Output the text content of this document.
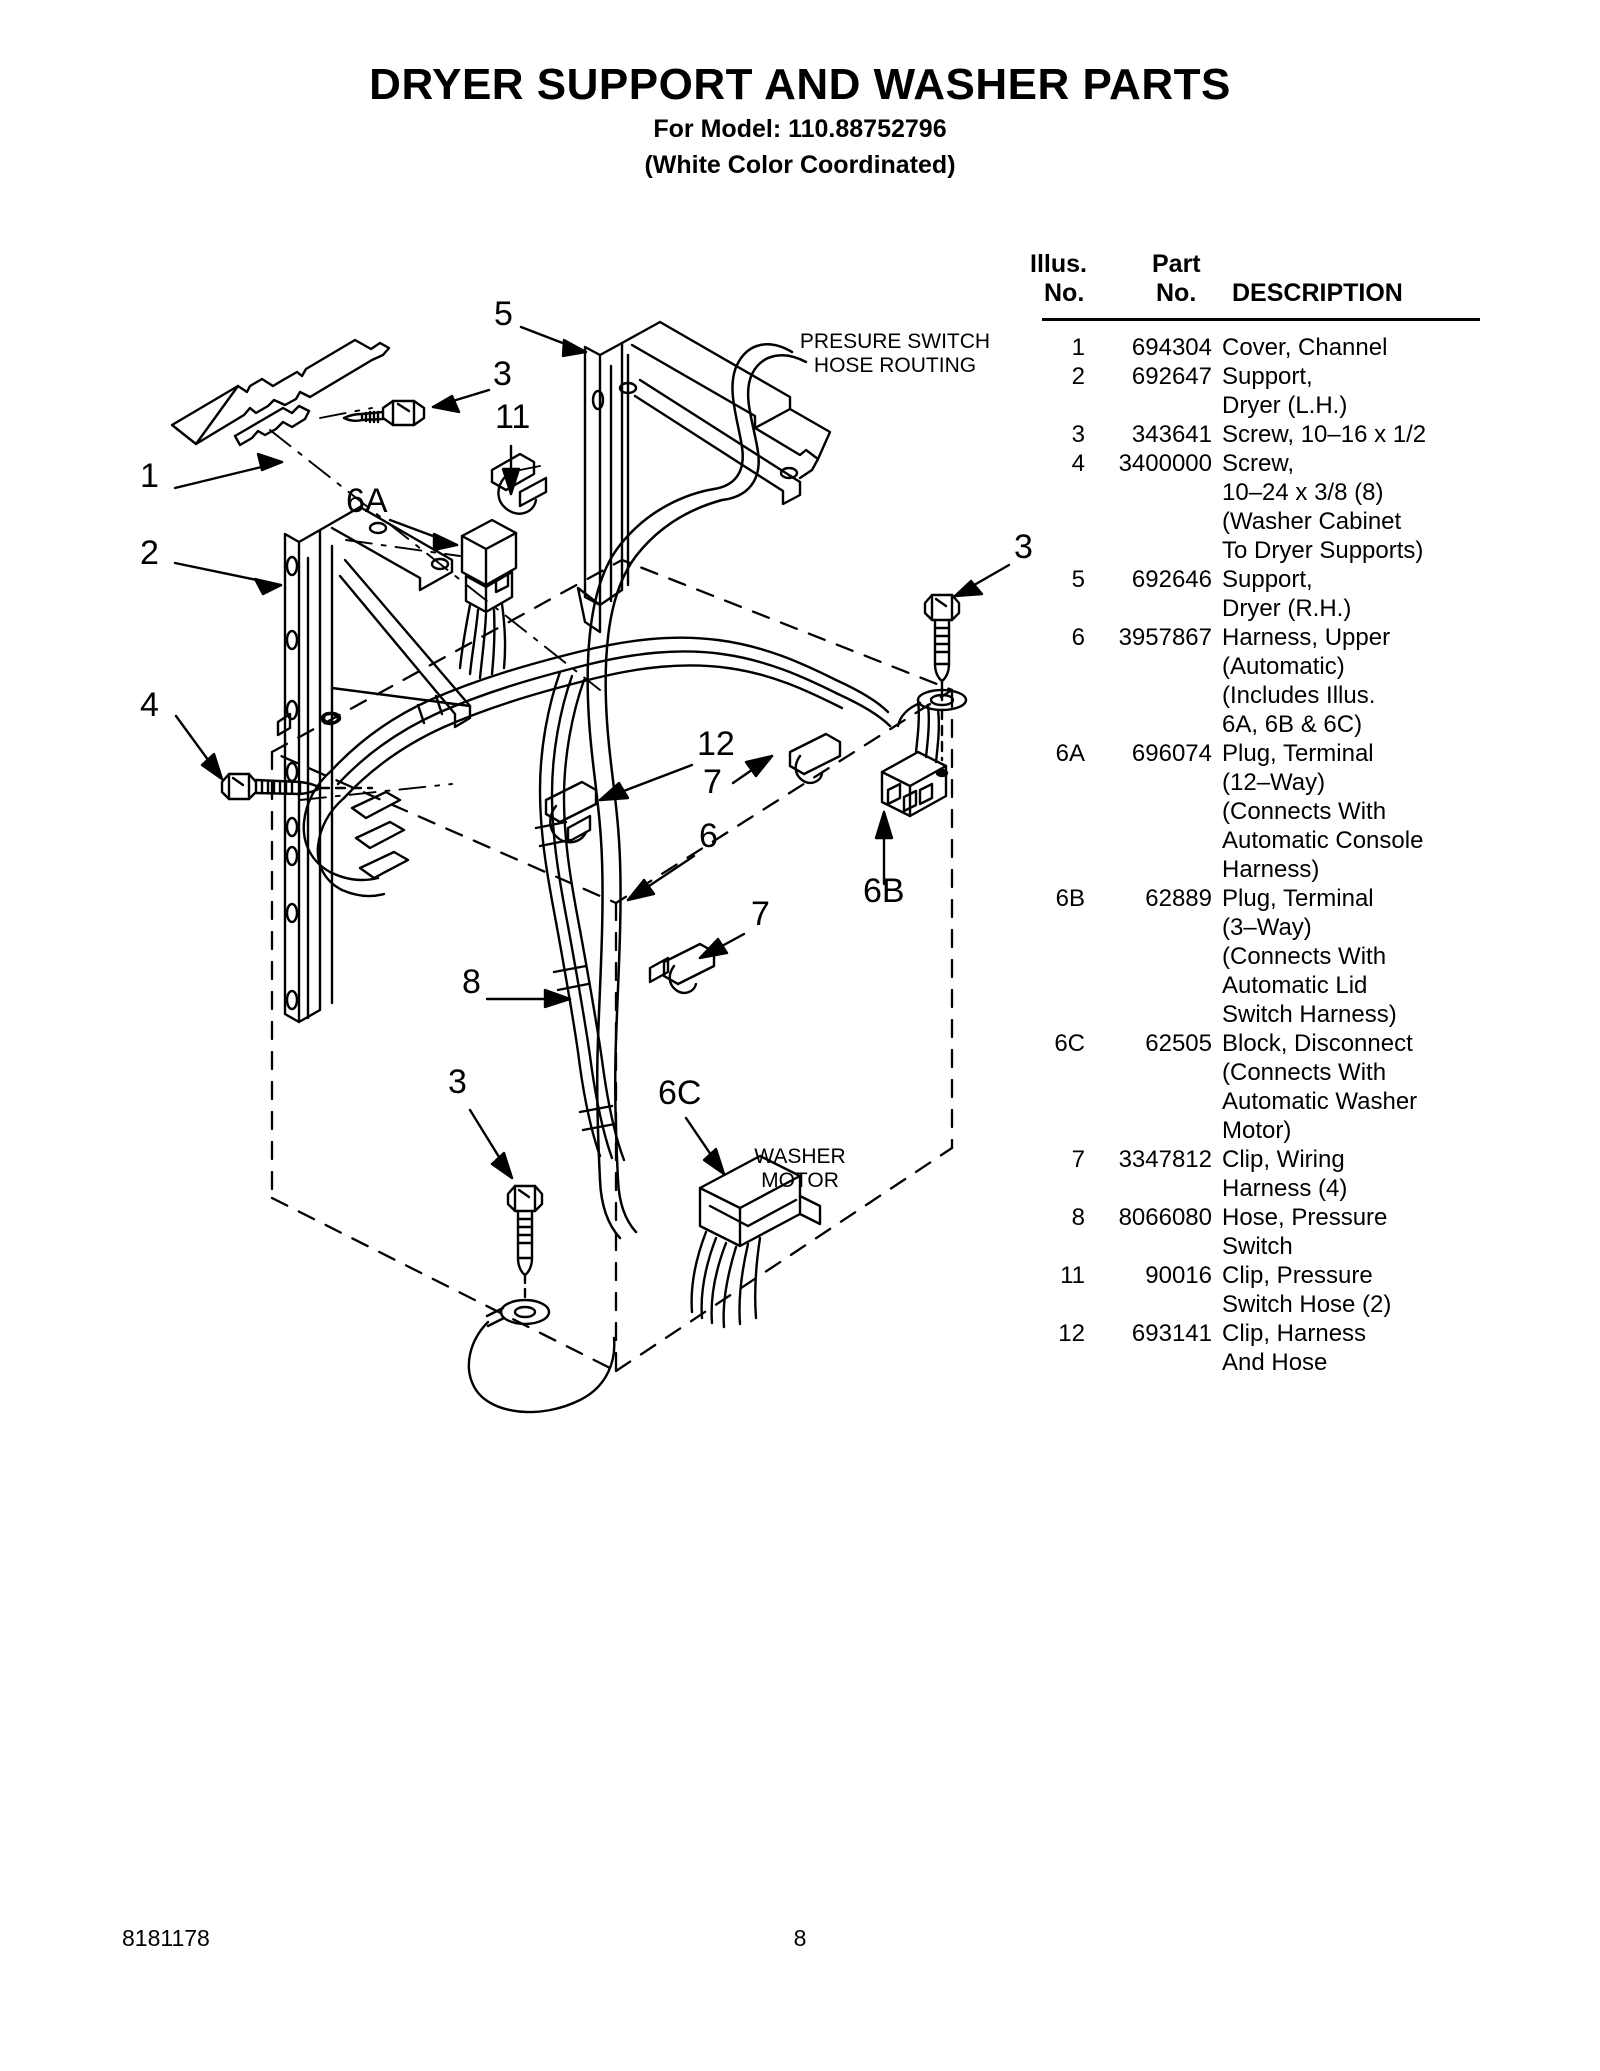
DRYER SUPPORT AND WASHER PARTS
For Model: 110.88752796
(White Color Coordinated)
1
2
3
3
3
4
5
6
6A
6B
6C
7
7
8
11
12
PRESURE SWITCH
HOSE ROUTING
WASHER
MOTOR
Illus.
No.
Part
No. DESCRIPTION
1	694304 Cover, Channel
2	692647 Support,
Dryer (L.H.)
3	343641 Screw, 10–16 x 1/2
4	3400000 Screw,
10–24 x 3/8 (8)
(Washer Cabinet
To Dryer Supports)
5	692646 Support,
Dryer (R.H.)
6	3957867 Harness, Upper
(Automatic)
(Includes Illus.
6A, 6B & 6C)
6A	696074 Plug, Terminal
(12–Way)
(Connects With
Automatic Console
Harness)
6B	62889 Plug, Terminal
(3–Way)
(Connects With
Automatic Lid
Switch Harness)
6C	62505 Block, Disconnect
(Connects With
Automatic Washer
Motor)
7	3347812 Clip, Wiring
Harness (4)
8	8066080 Hose, Pressure
Switch
11	90016 Clip, Pressure
Switch Hose (2)
12	693141 Clip, Harness
And Hose
8181178	8
